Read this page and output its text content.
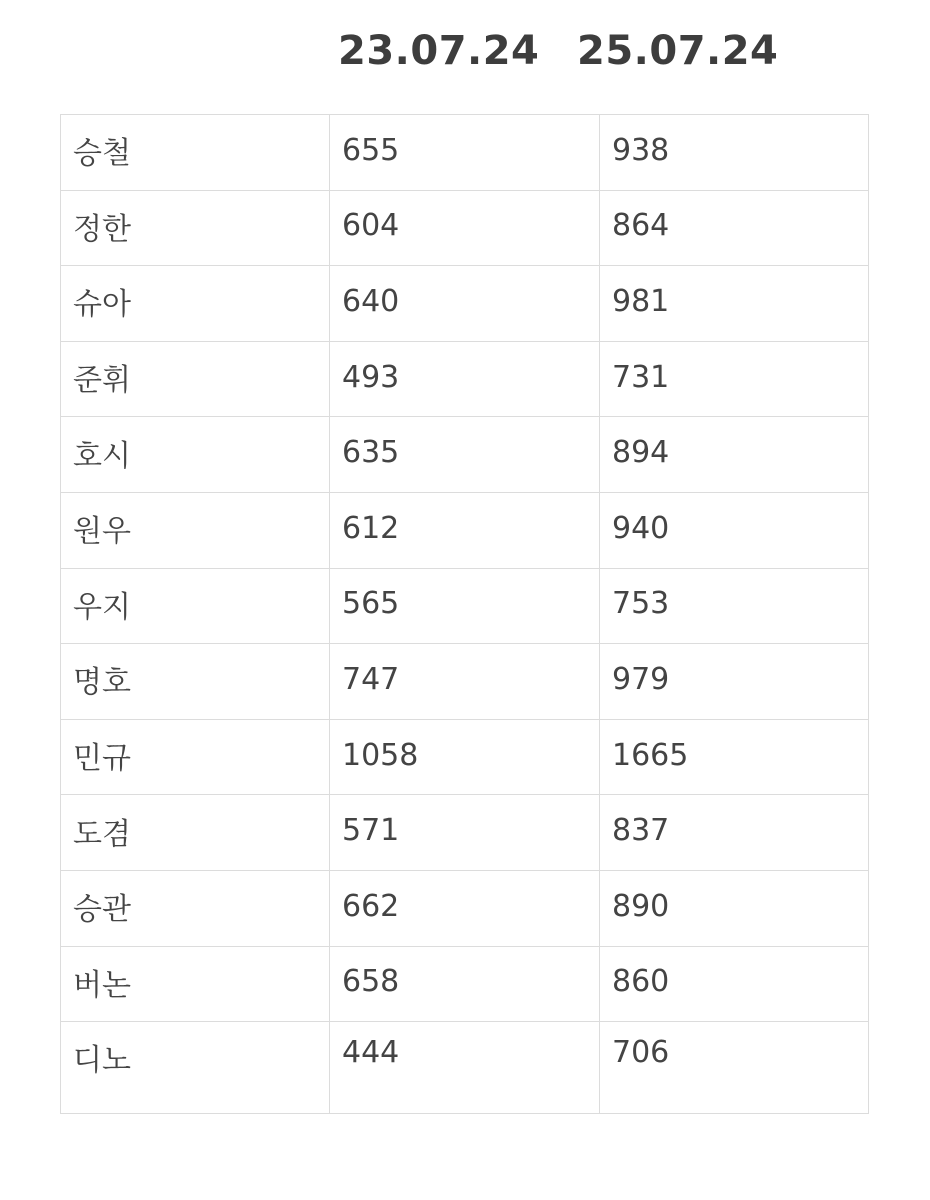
23.07.24 25.07.24
승철	655	938
정한	604	864
슈아	640	981
준휘	493	731
호시	635	894
원우	612	940
우지	565	753
명호	747	979
민규	1058	1665
도겸	571	837
승관	662	890
버논	658	860
디노	444	706
